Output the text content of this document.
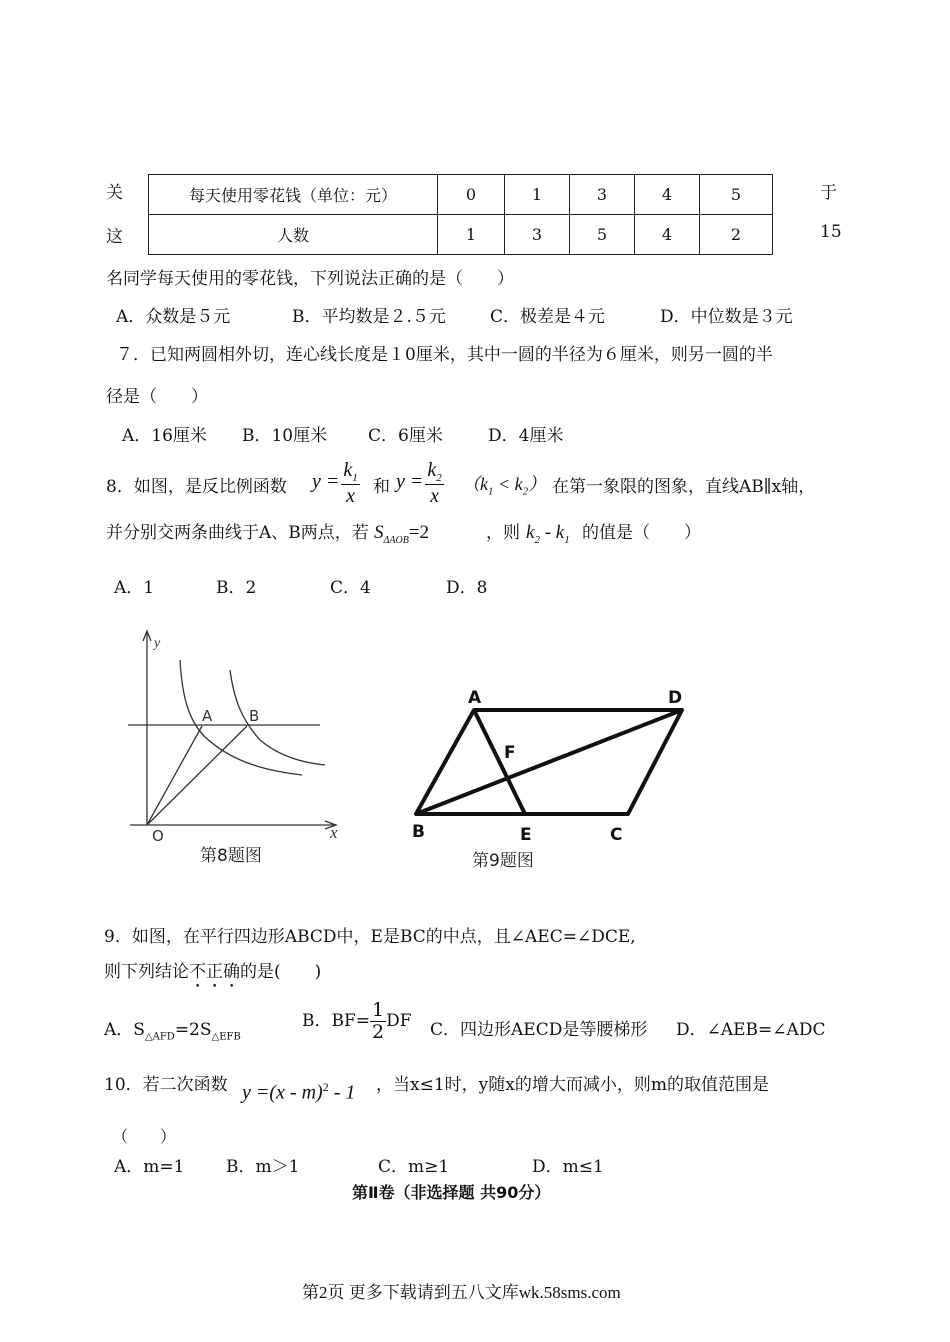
关
这
于
15
每天使用零花钱（单位：元）	0	1	3	4	5
人数	1	3	5	4	2
名同学每天使用的零花钱，下列说法正确的是（　　）
A．众数是５元	B．平均数是２.５元	C．极差是４元	D．中位数是３元
７．已知两圆相外切，连心线长度是１0厘米，其中一圆的半径为６厘米，则另一圆的半
径是（　　）
A．16厘米 B．10厘米 C．6厘米	D．4厘米
8．如图，是反比例函数 $y = \frac{k_1}{x}$ 和 $y = \frac{k_2}{x} (k_1 < k_2)$ 在第一象限的图象，直线AB∥x轴，
并分别交两条曲线于A、B两点，若 $S_{\Delta AOB}=2$	，则 $k_2 - k_1$ 的值是（　　）
A．1	B．2	C．4	D．8
y
x
O
A B
第8题图
A	D
F
B	E	C
第9题图
9．如图，在平行四边形ABCD中，E是BC的中点，且∠AEC=∠DCE,
则下列结论不正确的是(　　)
A．$S_{\triangle AFD}=2S_{\triangle EFB}$
B．$BF= \frac{1}{2}$ DF C．四边形AECD是等腰梯形 D．∠AEB=∠ADC
10．若二次函数 y =(x - m)$^2$ - 1 ，当x≤1时，y随x的增大而减小，则m的取值范围是
（　　）
A．m=1 B．m＞1	C．m≥1	D．m≤1
第Ⅱ卷（非选择题 共90分）
第2页 更多下载请到五八文库wk.58sms.com
